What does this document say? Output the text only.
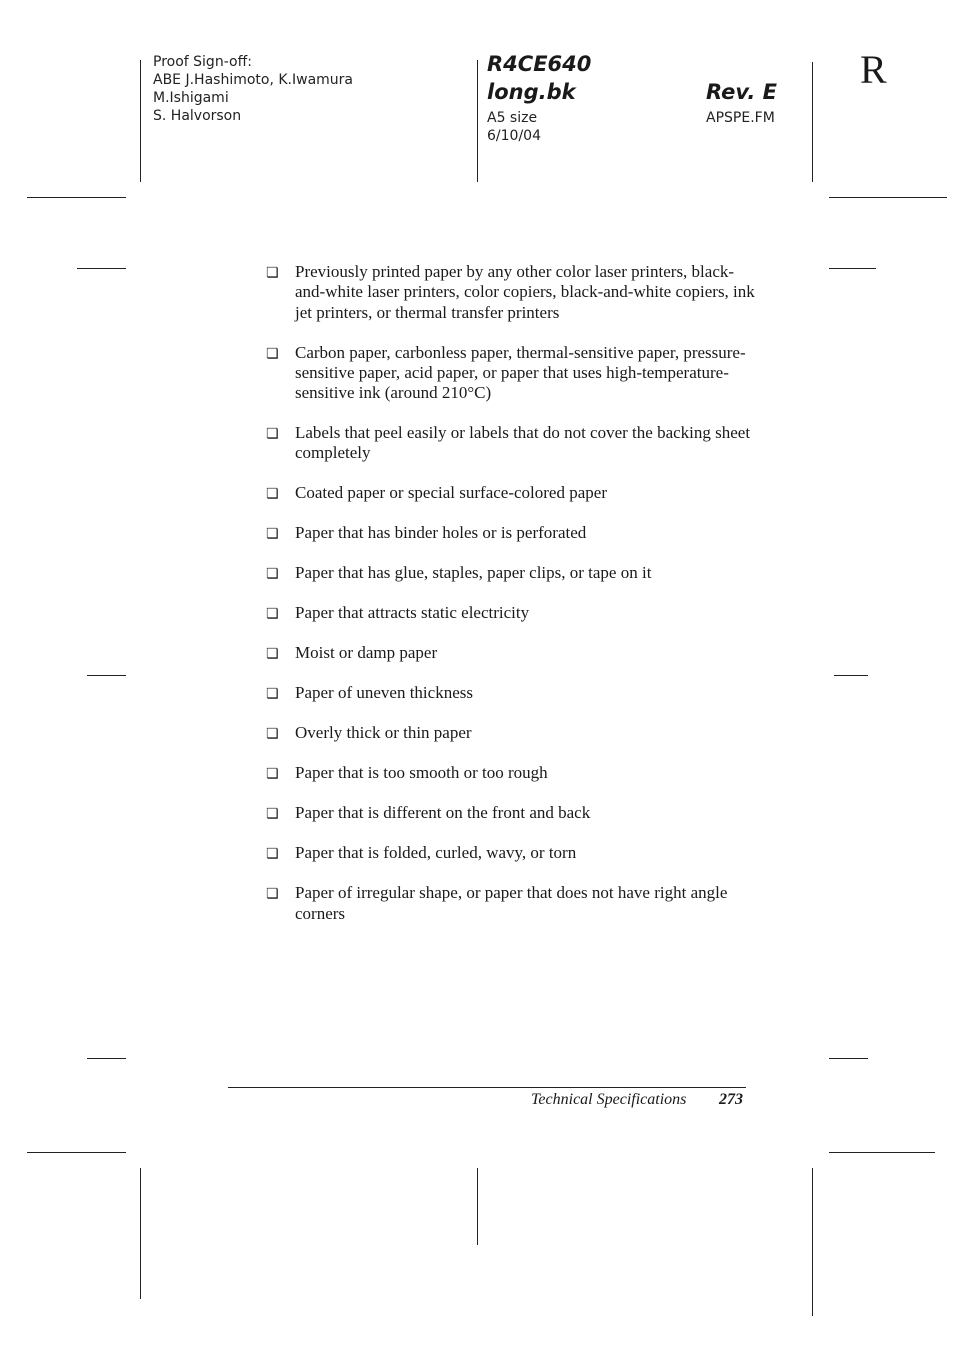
Proof Sign-off:
ABE J.Hashimoto, K.Iwamura
M.Ishigami
S. Halvorson
R4CE640
long.bk	Rev. E
A5 size
6/10/04
APSPE.FM
R
❏ Previously printed paper by any other color laser printers, black-and-white laser printers, color copiers, black-and-white copiers, ink jet printers, or thermal transfer printers
❏ Carbon paper, carbonless paper, thermal-sensitive paper, pressure-sensitive paper, acid paper, or paper that uses high-temperature-sensitive ink (around 210°C)
❏ Labels that peel easily or labels that do not cover the backing sheet completely
❏ Coated paper or special surface-colored paper
❏ Paper that has binder holes or is perforated
❏ Paper that has glue, staples, paper clips, or tape on it
❏ Paper that attracts static electricity
❏ Moist or damp paper
❏ Paper of uneven thickness
❏ Overly thick or thin paper
❏ Paper that is too smooth or too rough
❏ Paper that is different on the front and back
❏ Paper that is folded, curled, wavy, or torn
❏ Paper of irregular shape, or paper that does not have right angle corners
Technical Specifications 273
